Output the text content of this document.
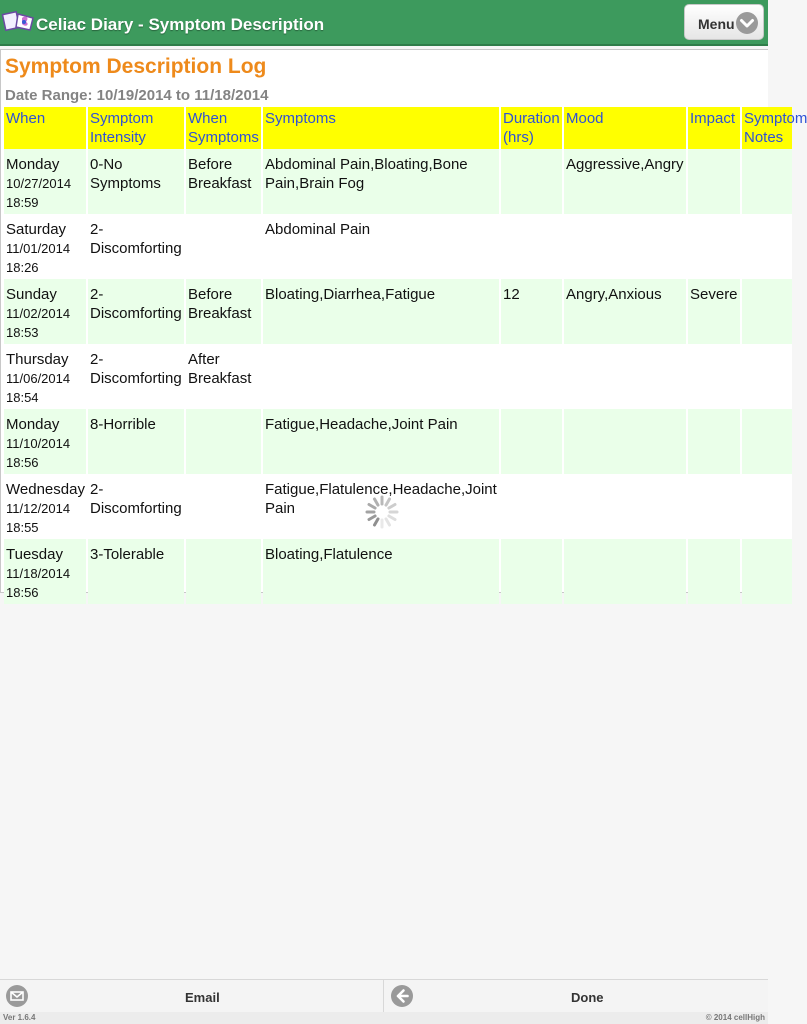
Celiac Diary - Symptom Description	Menu
Symptom Description Log
Date Range: 10/19/2014 to 11/18/2014
When	Symptom Intensity	When Symptoms	Symptoms	Duration (hrs)	Mood	Impact	Symptom Notes
Monday
10/27/2014
18:59	0-No Symptoms	Before Breakfast	Abdominal Pain,Bloating,Bone Pain,Brain Fog		Aggressive,Angry		
Saturday
11/01/2014
18:26	2-Discomforting		Abdominal Pain				
Sunday
11/02/2014
18:53	2-Discomforting	Before Breakfast	Bloating,Diarrhea,Fatigue	12	Angry,Anxious	Severe	
Thursday
11/06/2014
18:54	2-Discomforting	After Breakfast					
Monday
11/10/2014
18:56	8-Horrible		Fatigue,Headache,Joint Pain				
Wednesday
11/12/2014
18:55	2-Discomforting		Fatigue,Flatulence,Headache,Joint Pain				
Tuesday
11/18/2014
18:56	3-Tolerable		Bloating,Flatulence				
Email	Done
Ver 1.6.4	© 2014 cellHigh
